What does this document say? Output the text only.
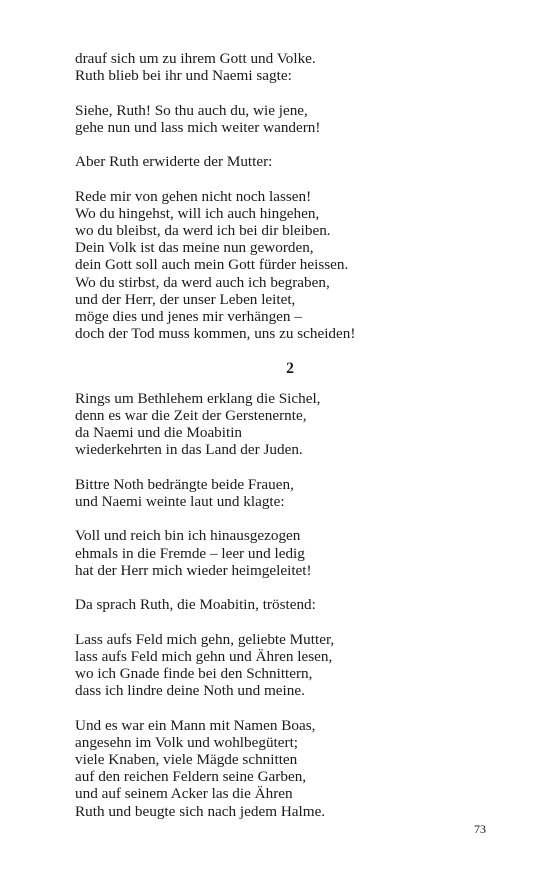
drauf sich um zu ihrem Gott und Volke.
Ruth blieb bei ihr und Naemi sagte:
Siehe, Ruth! So thu auch du, wie jene,
gehe nun und lass mich weiter wandern!
Aber Ruth erwiderte der Mutter:
Rede mir von gehen nicht noch lassen!
Wo du hingehst, will ich auch hingehen,
wo du bleibst, da werd ich bei dir bleiben.
Dein Volk ist das meine nun geworden,
dein Gott soll auch mein Gott fürder heissen.
Wo du stirbst, da werd auch ich begraben,
und der Herr, der unser Leben leitet,
möge dies und jenes mir verhängen –
doch der Tod muss kommen, uns zu scheiden!
2
Rings um Bethlehem erklang die Sichel,
denn es war die Zeit der Gerstenernte,
da Naemi und die Moabitin
wiederkehrten in das Land der Juden.
Bittre Noth bedrängte beide Frauen,
und Naemi weinte laut und klagte:
Voll und reich bin ich hinausgezogen
ehmals in die Fremde – leer und ledig
hat der Herr mich wieder heimgeleitet!
Da sprach Ruth, die Moabitin, tröstend:
Lass aufs Feld mich gehn, geliebte Mutter,
lass aufs Feld mich gehn und Ähren lesen,
wo ich Gnade finde bei den Schnittern,
dass ich lindre deine Noth und meine.
Und es war ein Mann mit Namen Boas,
angesehn im Volk und wohlbegütert;
viele Knaben, viele Mägde schnitten
auf den reichen Feldern seine Garben,
und auf seinem Acker las die Ähren
Ruth und beugte sich nach jedem Halme.
73
